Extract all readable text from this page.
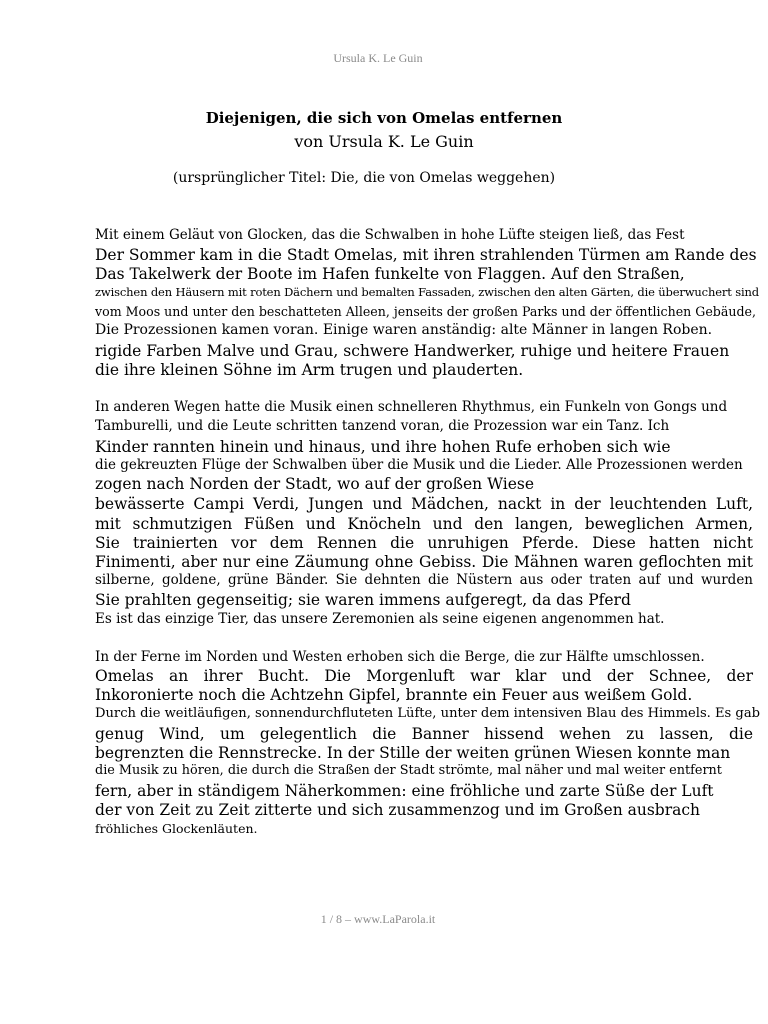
Ursula K. Le Guin
Diejenigen, die sich von Omelas entfernen
von Ursula K. Le Guin
(ursprünglicher Titel: Die, die von Omelas weggehen)
Mit einem Geläut von Glocken, das die Schwalben in hohe Lüfte steigen ließ, das Fest
Der Sommer kam in die Stadt Omelas, mit ihren strahlenden Türmen am Rande des
Das Takelwerk der Boote im Hafen funkelte von Flaggen. Auf den Straßen,
zwischen den Häusern mit roten Dächern und bemalten Fassaden, zwischen den alten Gärten, die überwuchert sind
vom Moos und unter den beschatteten Alleen, jenseits der großen Parks und der öffentlichen Gebäude,
Die Prozessionen kamen voran. Einige waren anständig: alte Männer in langen Roben.
rigide Farben Malve und Grau, schwere Handwerker, ruhige und heitere Frauen
die ihre kleinen Söhne im Arm trugen und plauderten.
In anderen Wegen hatte die Musik einen schnelleren Rhythmus, ein Funkeln von Gongs und
Tamburelli, und die Leute schritten tanzend voran, die Prozession war ein Tanz. Ich
Kinder rannten hinein und hinaus, und ihre hohen Rufe erhoben sich wie
die gekreuzten Flüge der Schwalben über die Musik und die Lieder. Alle Prozessionen werden
zogen nach Norden der Stadt, wo auf der großen Wiese
bewässerte Campi Verdi, Jungen und Mädchen, nackt in der leuchtenden Luft,
mit schmutzigen Füßen und Knöcheln und den langen, beweglichen Armen,
Sie trainierten vor dem Rennen die unruhigen Pferde. Diese hatten nicht
Finimenti, aber nur eine Zäumung ohne Gebiss. Die Mähnen waren geflochten mit
silberne, goldene, grüne Bänder. Sie dehnten die Nüstern aus oder traten auf und wurden
Sie prahlten gegenseitig; sie waren immens aufgeregt, da das Pferd
Es ist das einzige Tier, das unsere Zeremonien als seine eigenen angenommen hat.
In der Ferne im Norden und Westen erhoben sich die Berge, die zur Hälfte umschlossen.
Omelas an ihrer Bucht. Die Morgenluft war klar und der Schnee, der
Inkoronierte noch die Achtzehn Gipfel, brannte ein Feuer aus weißem Gold.
Durch die weitläufigen, sonnendurchfluteten Lüfte, unter dem intensiven Blau des Himmels. Es gab
genug Wind, um gelegentlich die Banner hissend wehen zu lassen, die
begrenzten die Rennstrecke. In der Stille der weiten grünen Wiesen konnte man
die Musik zu hören, die durch die Straßen der Stadt strömte, mal näher und mal weiter entfernt
fern, aber in ständigem Näherkommen: eine fröhliche und zarte Süße der Luft
der von Zeit zu Zeit zitterte und sich zusammenzog und im Großen ausbrach
fröhliches Glockenläuten.
1 / 8 – www.LaParola.it
